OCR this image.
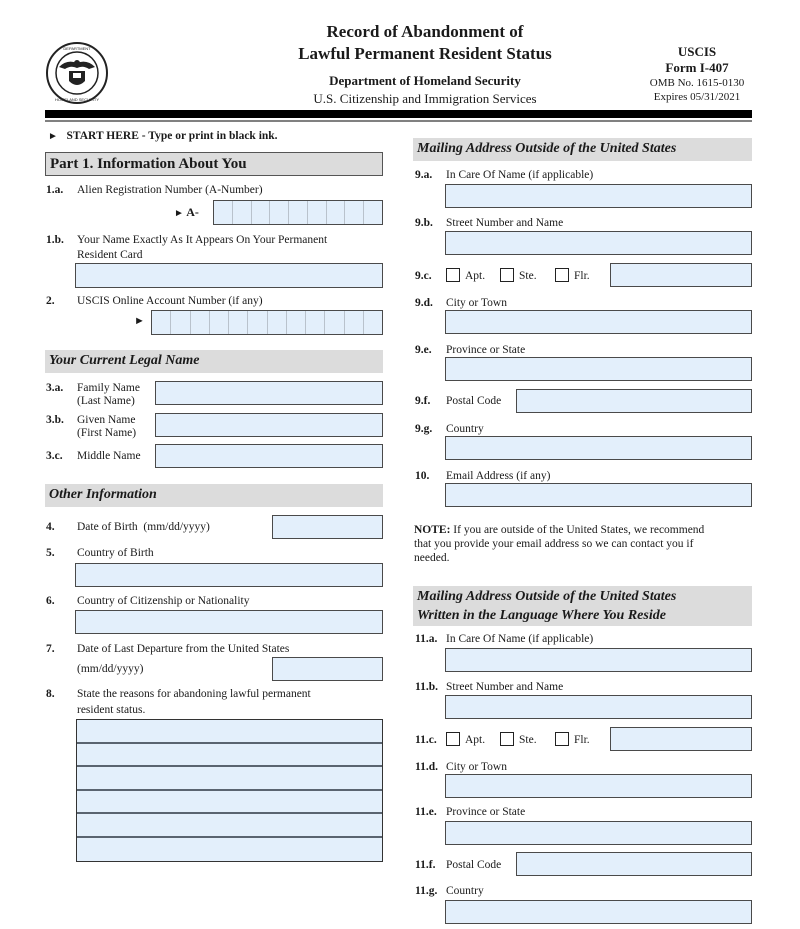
DEPARTMENT
HOMELAND SECURITY
Record of Abandonment of
Lawful Permanent Resident Status
Department of Homeland Security
U.S. Citizenship and Immigration Services
USCIS
Form I-407
OMB No. 1615-0130
Expires 05/31/2021
► START HERE - Type or print in black ink.
Part 1. Information About You
1.a. Alien Registration Number (A-Number)
► A-
1.b. Your Name Exactly As It Appears On Your Permanent
Resident Card
2. USCIS Online Account Number (if any)
►
Your Current Legal Name
3.a. Family Name
(Last Name)
3.b. Given Name
(First Name)
3.c. Middle Name
Other Information
4. Date of Birth  (mm/dd/yyyy)
5. Country of Birth
6. Country of Citizenship or Nationality
7. Date of Last Departure from the United States
(mm/dd/yyyy)
8. State the reasons for abandoning lawful permanent
resident status.
Mailing Address Outside of the United States
9.a. In Care Of Name (if applicable)
9.b. Street Number and Name
9.c.	Apt.	Ste.	Flr.
9.d. City or Town
9.e. Province or State
9.f. Postal Code
9.g. Country
10. Email Address (if any)
NOTE: If you are outside of the United States, we recommend
that you provide your email address so we can contact you if
needed.
Mailing Address Outside of the United States
Written in the Language Where You Reside
11.a. In Care Of Name (if applicable)
11.b. Street Number and Name
11.c. Apt.	Ste.	Flr.
11.d. City or Town
11.e. Province or State
11.f. Postal Code
11.g. Country
